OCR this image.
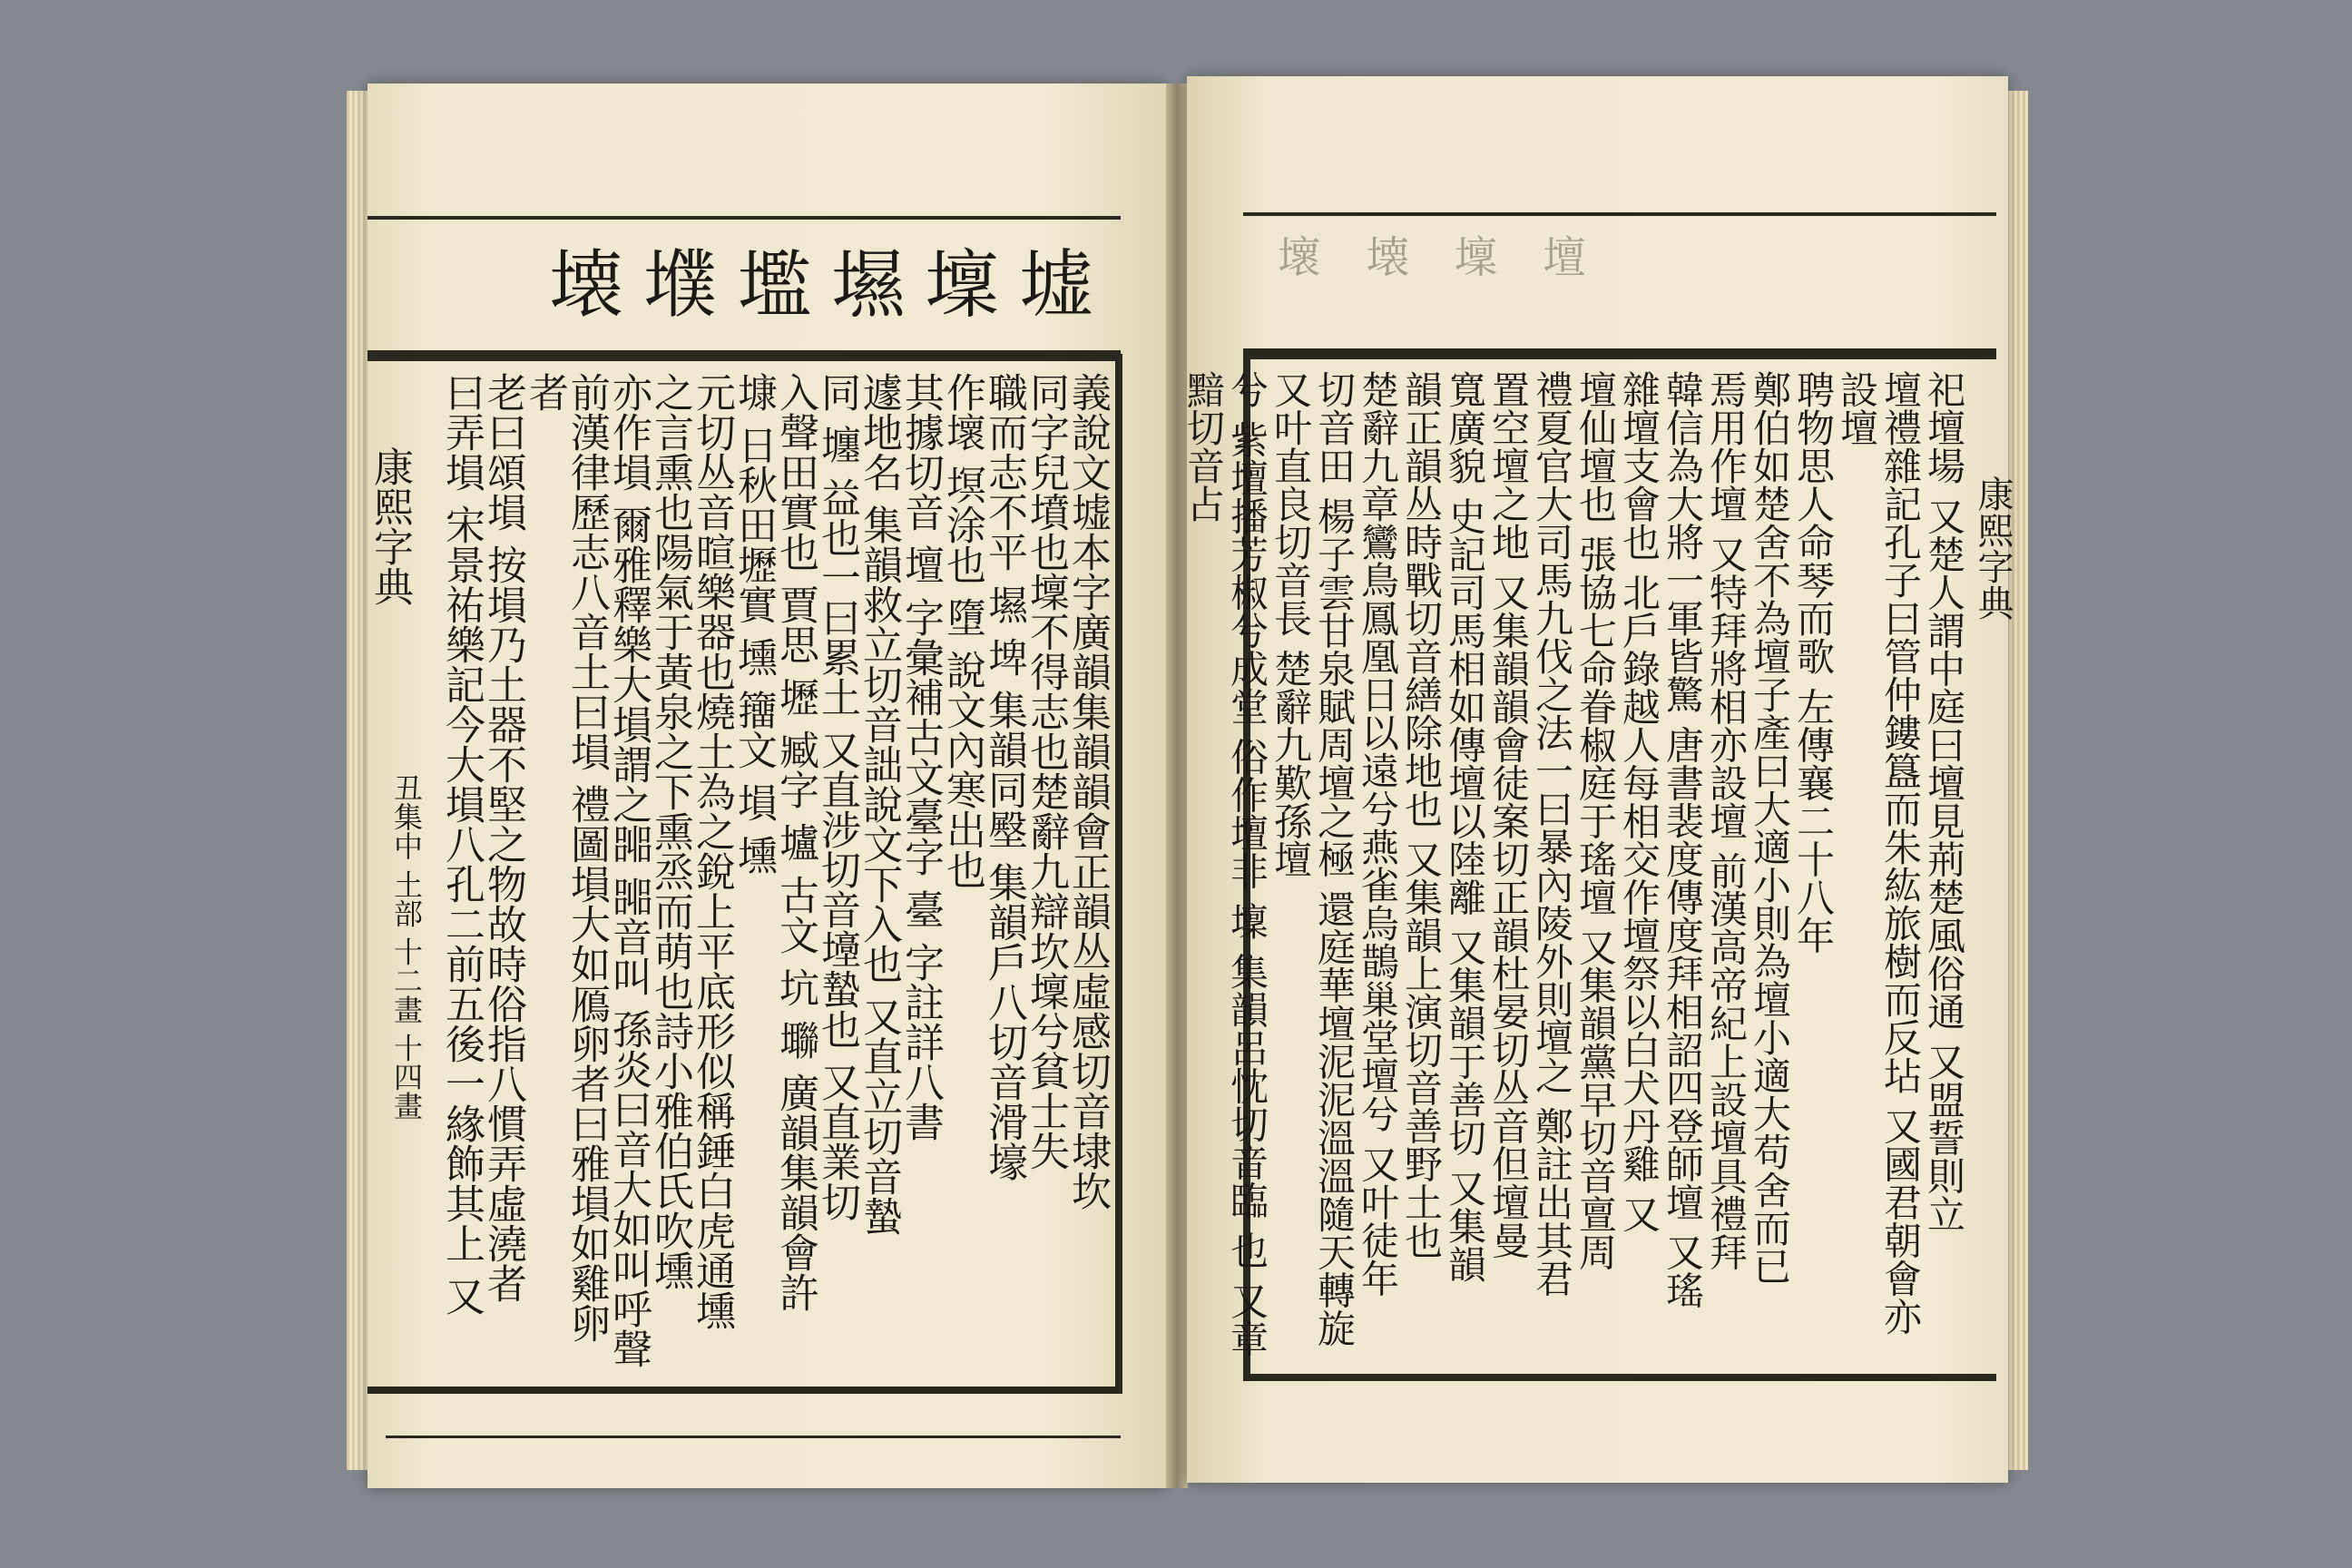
墟
壈
㙷
壏
㙸
壊
康熙字典
丑集中 土部 十二畫 十四畫	義說文墟本字廣韻集韻韻會正韻丛虛感切音埭坎

同字兒墳也壈不得志也楚辭九辯坎壈兮貧士失

職而志不平 㙷 埤 集韻同壂 集韻戶八切音滑壕

作壞 塓涂也 墮 說文內寒出也

其據切音 壇 字彙補古文臺字 臺 字註詳八書

遽地名 集韻救立切音詘說文下入也 又直立切音蟄

同 㙻 益也一曰累土 又直涉切音㙵蟄也 又直業切

入聲田實也 賈思 壢 臧字 壚 古文 坑 壣 廣韻集韻會許

𡐓 日秋田壢實 壎 籒文 塤 壎

元切丛音暄樂器也燒土為之銳上平底形似稱錘白虎通壎

之言熏也陽氣于黃泉之下熏烝而萌也詩小雅伯氏吹壎

亦作塤 爾雅釋樂大塤謂之嘂 嘂音叫 孫炎曰音大如叫呼聲

前漢律歷志八音土曰塤 禮圖塤大如鴈卵者曰雅塤如雞卵者

老曰頌塤 按塤乃土器不堅之物故時俗指八慣弄虛澆者

曰弄塤 宋景祐樂記今大塤八孔二前五後一緣飾其上 又

壇
壈
壊
壞
康熙字典

祀壇場 又楚人謂中庭曰壇見荊楚風俗通 又盟誓則立

壇禮雜記孔子曰管仲鏤簋而朱紘旅樹而反坫 又國君朝會亦設壇

聘物思人命琴而歌 左傳襄二十八年

鄭伯如楚舍不為壇子產曰大適小則為壇小適大苟舍而已

焉用作壇 又特拜將相亦設壇 前漢高帝紀上設壇具禮拜

韓信為大將一軍皆驚 唐書裴度傳度拜相詔四登師壇 又瑤

雜壇支會也 北戶錄越人每相交作壇祭以白犬丹雞 又

壇仙壇也 張協七命眷椒庭于瑤壇 又集韻黨早切音亶周

禮夏官大司馬九伐之法一曰暴內陵外則壇之 鄭註出其君

置空壇之地 又集韻韻會徒案切正韻杜晏切丛音但壇曼

寬廣貌 史記司馬相如傳壇以陸離 又集韻于善切 又集韻

韻正韻丛時戰切音繕除地也 又集韻上演切音善野土也

楚辭九章鸞鳥鳳凰日以遠兮燕雀烏鵲巢堂壇兮 又叶徒年

切音田 楊子雲甘泉賦周壇之極 還庭華壇泥泥溫溫隨天轉旋

又叶直良切音長 楚辭九歎孫壇

兮 紫壇播芳椒兮成堂 俗作壇非 壈 集韻呂忱切音臨 也 又章黯切音占
